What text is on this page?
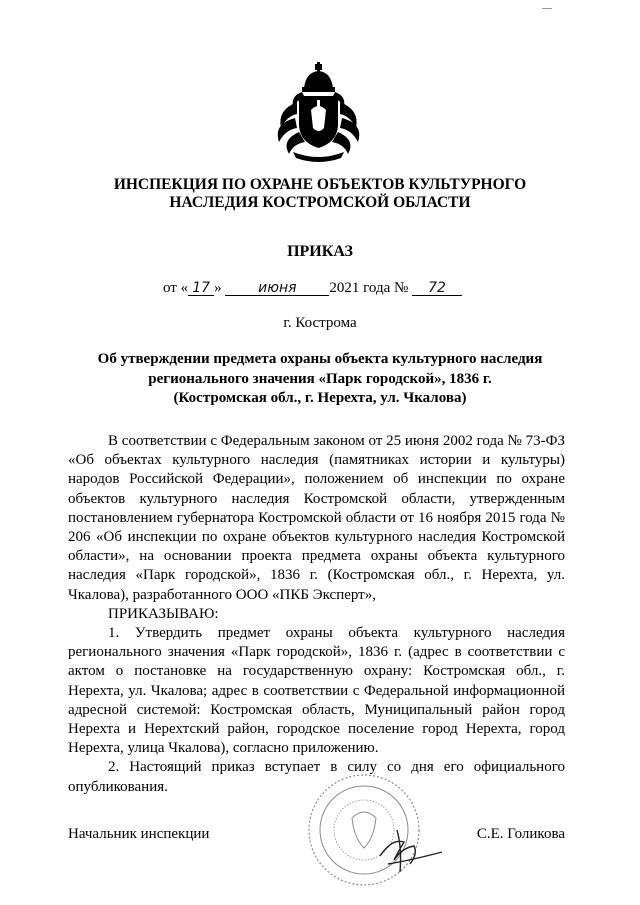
ИНСПЕКЦИЯ ПО ОХРАНЕ ОБЪЕКТОВ КУЛЬТУРНОГО
НАСЛЕДИЯ КОСТРОМСКОЙ ОБЛАСТИ
ПРИКАЗ
от « 17 »	июня 2021 года № 72
г. Кострома
Об утверждении предмета охраны объекта культурного наследия
регионального значения «Парк городской», 1836 г.
(Костромская обл., г. Нерехта, ул. Чкалова)

В соответствии с Федеральным законом от 25 июня 2002 года № 73-ФЗ «Об объектах культурного наследия (памятниках истории и культуры) народов Российской Федерации», положением об инспекции по охране объектов культурного наследия Костромской области, утвержденным постановлением губернатора Костромской области от 16 ноября 2015 года № 206 «Об инспекции по охране объектов культурного наследия Костромской области», на основании проекта предмета охраны объекта культурного наследия «Парк городской», 1836 г. (Костромская обл., г. Нерехта, ул. Чкалова), разработанного ООО «ПКБ Эксперт»,

ПРИКАЗЫВАЮ:

1. Утвердить предмет охраны объекта культурного наследия регионального значения «Парк городской», 1836 г. (адрес в соответствии с актом о постановке на государственную охрану: Костромская обл., г. Нерехта, ул. Чкалова; адрес в соответствии с Федеральной информационной адресной системой: Костромская область, Муниципальный район город Нерехта и Нерехтский район, городское поселение город Нерехта, город Нерехта, улица Чкалова), согласно приложению.

2. Настоящий приказ вступает в силу со дня его официального опубликования.

Начальник инспекции	С.Е. Голикова
